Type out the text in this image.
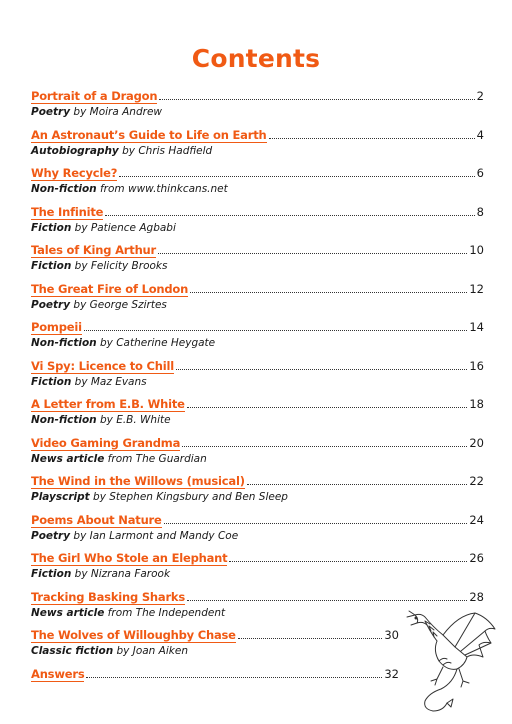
Contents
Portrait of a Dragon	2
Poetry by Moira Andrew
An Astronaut’s Guide to Life on Earth	4
Autobiography by Chris Hadfield
Why Recycle?	6
Non-fiction from www.thinkcans.net
The Infinite	8
Fiction by Patience Agbabi
Tales of King Arthur	10
Fiction by Felicity Brooks
The Great Fire of London	12
Poetry by George Szirtes
Pompeii	14
Non-fiction by Catherine Heygate
Vi Spy: Licence to Chill	16
Fiction by Maz Evans
A Letter from E.B. White	18
Non-fiction by E.B. White
Video Gaming Grandma	20
News article from The Guardian
The Wind in the Willows (musical)	22
Playscript by Stephen Kingsbury and Ben Sleep
Poems About Nature	24
Poetry by Ian Larmont and Mandy Coe
The Girl Who Stole an Elephant	26
Fiction by Nizrana Farook
Tracking Basking Sharks	28
News article from The Independent
The Wolves of Willoughby Chase	30
Classic fiction by Joan Aiken
Answers	32
